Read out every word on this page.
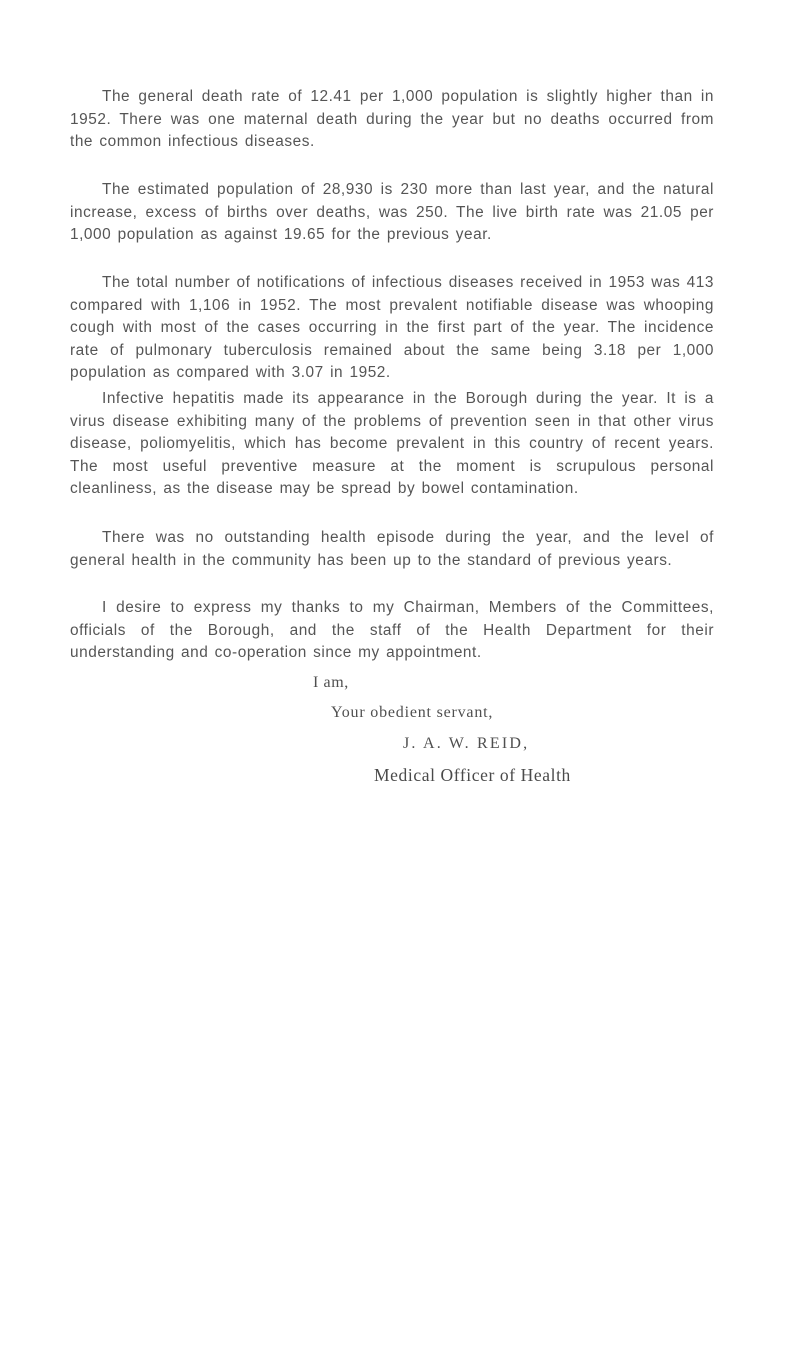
The general death rate of 12.41 per 1,000 population is slightly higher than in 1952. There was one maternal death during the year but no deaths occurred from the common infectious diseases.

The estimated population of 28,930 is 230 more than last year, and the natural increase, excess of births over deaths, was 250. The live birth rate was 21.05 per 1,000 population as against 19.65 for the previous year.

The total number of notifications of infectious diseases received in 1953 was 413 compared with 1,106 in 1952. The most prevalent notifiable disease was whooping cough with most of the cases occurring in the first part of the year. The incidence rate of pulmonary tuberculosis remained about the same being 3.18 per 1,000 population as compared with 3.07 in 1952.

Infective hepatitis made its appearance in the Borough during the year. It is a virus disease exhibiting many of the problems of prevention seen in that other virus disease, poliomyelitis, which has become prevalent in this country of recent years. The most useful preventive measure at the moment is scrupulous personal cleanliness, as the disease may be spread by bowel contamination.

There was no outstanding health episode during the year, and the level of general health in the community has been up to the standard of previous years.

I desire to express my thanks to my Chairman, Members of the Committees, officials of the Borough, and the staff of the Health Department for their understanding and co-operation since my appointment.

I am,
Your obedient servant,
J. A. W. REID,
Medical Officer of Health
